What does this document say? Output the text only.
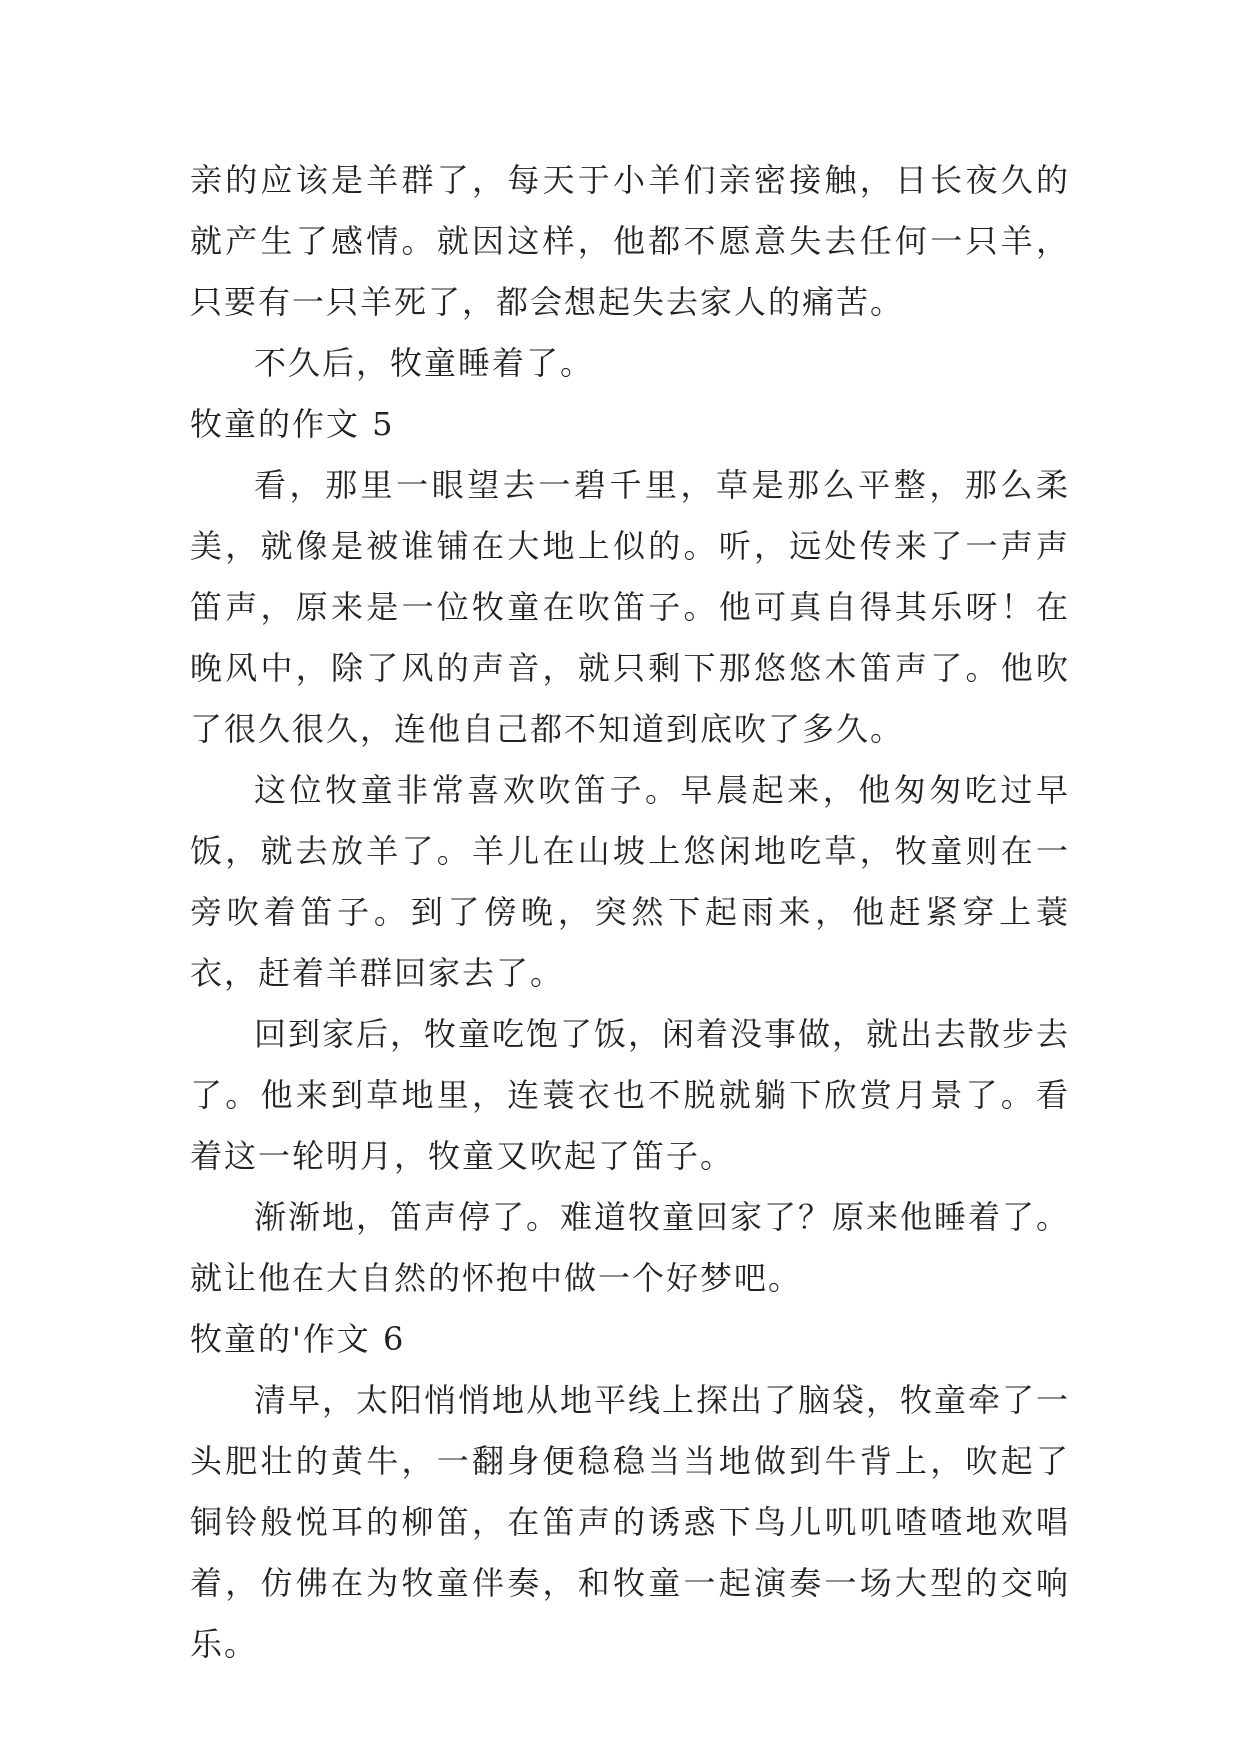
亲的应该是羊群了，每天于小羊们亲密接触，日长夜久的就产生了感情。就因这样，他都不愿意失去任何一只羊，只要有一只羊死了，都会想起失去家人的痛苦。

不久后，牧童睡着了。

牧童的作文 5

看，那里一眼望去一碧千里，草是那么平整，那么柔美，就像是被谁铺在大地上似的。听，远处传来了一声声笛声，原来是一位牧童在吹笛子。他可真自得其乐呀！在晚风中，除了风的声音，就只剩下那悠悠木笛声了。他吹了很久很久，连他自己都不知道到底吹了多久。

这位牧童非常喜欢吹笛子。早晨起来，他匆匆吃过早饭，就去放羊了。羊儿在山坡上悠闲地吃草，牧童则在一旁吹着笛子。到了傍晚，突然下起雨来，他赶紧穿上蓑衣，赶着羊群回家去了。

回到家后，牧童吃饱了饭，闲着没事做，就出去散步去了。他来到草地里，连蓑衣也不脱就躺下欣赏月景了。看着这一轮明月，牧童又吹起了笛子。

渐渐地，笛声停了。难道牧童回家了？原来他睡着了。就让他在大自然的怀抱中做一个好梦吧。

牧童的'作文 6

清早，太阳悄悄地从地平线上探出了脑袋，牧童牵了一头肥壮的黄牛，一翻身便稳稳当当地做到牛背上，吹起了铜铃般悦耳的柳笛，在笛声的诱惑下鸟儿叽叽喳喳地欢唱着，仿佛在为牧童伴奏，和牧童一起演奏一场大型的交响乐。
